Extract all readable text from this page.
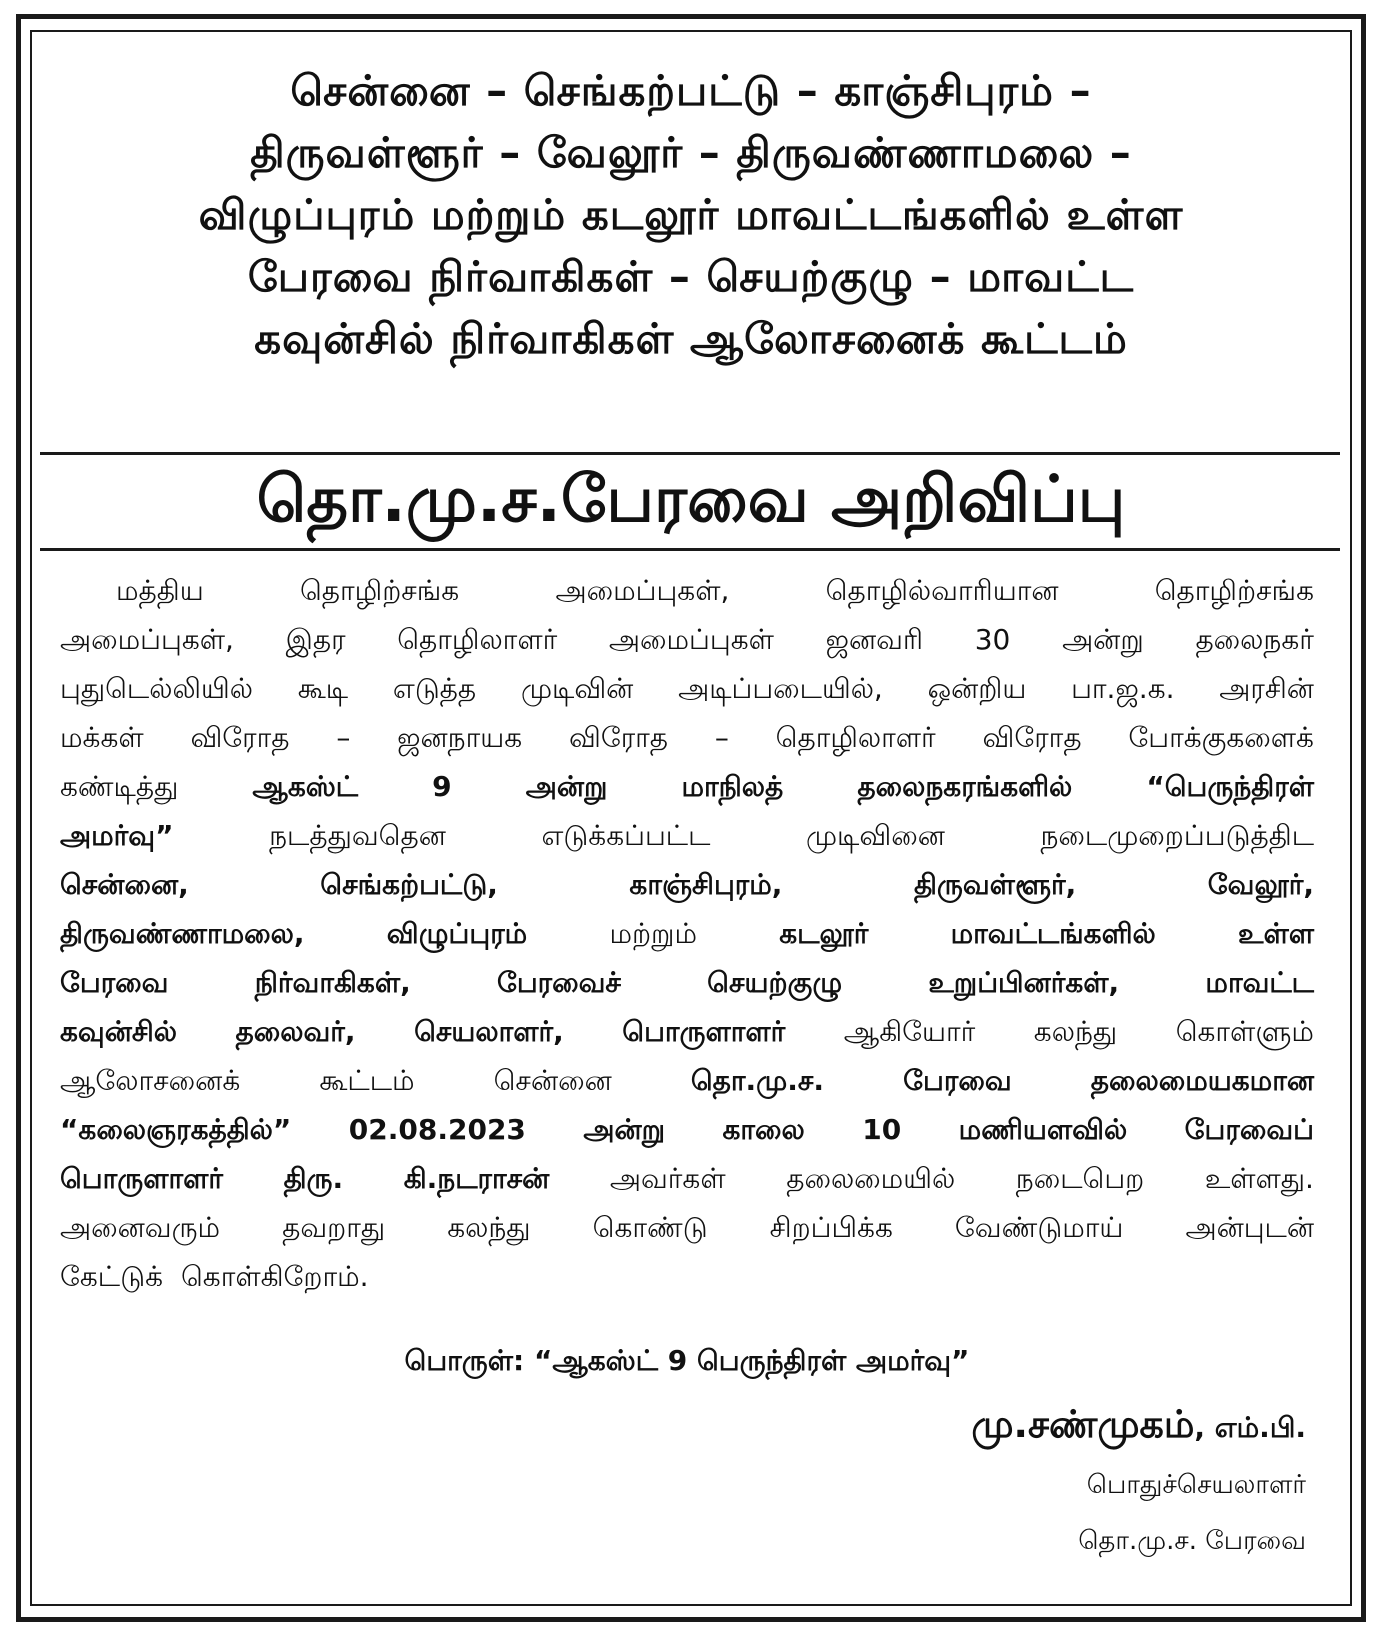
சென்னை – செங்கற்பட்டு – காஞ்சிபுரம் –
திருவள்ளூர் – வேலூர் – திருவண்ணாமலை –
விழுப்புரம் மற்றும் கடலூர் மாவட்டங்களில் உள்ள
பேரவை நிர்வாகிகள் – செயற்குழு – மாவட்ட
கவுன்சில் நிர்வாகிகள் ஆலோசனைக் கூட்டம்
தொ.மு.ச.பேரவை அறிவிப்பு
மத்திய	தொழிற்சங்க	அமைப்புகள்,	தொழில்வாரியான	தொழிற்சங்க
அமைப்புகள், இதர தொழிலாளர் அமைப்புகள் ஜனவரி 30 அன்று தலைநகர்
புதுடெல்லியில் கூடி எடுத்த முடிவின் அடிப்படையில், ஒன்றிய பா.ஜ.க. அரசின்
மக்கள் விரோத – ஜனநாயக விரோத – தொழிலாளர் விரோத போக்குகளைக்
கண்டித்து	ஆகஸ்ட்	9	அன்று	மாநிலத்	தலைநகரங்களில்	“பெருந்திரள்
அமர்வு”	நடத்துவதென	எடுக்கப்பட்ட	முடிவினை	நடைமுறைப்படுத்திட
சென்னை,	செங்கற்பட்டு,	காஞ்சிபுரம்,	திருவள்ளூர்,	வேலூர்,
திருவண்ணாமலை,	விழுப்புரம்	மற்றும்	கடலூர்	மாவட்டங்களில்	உள்ள
பேரவை	நிர்வாகிகள்,	பேரவைச்	செயற்குழு	உறுப்பினர்கள்,	மாவட்ட
கவுன்சில் தலைவர், செயலாளர், பொருளாளர் ஆகியோர் கலந்து கொள்ளும்
ஆலோசனைக்	கூட்டம்	சென்னை	தொ.மு.ச.	பேரவை	தலைமையகமான
“கலைஞரகத்தில்” 02.08.2023 அன்று காலை 10 மணியளவில் பேரவைப்
பொருளாளர் திரு. கி.நடராசன் அவர்கள் தலைமையில் நடைபெற உள்ளது.
அனைவரும் தவறாது கலந்து கொண்டு சிறப்பிக்க வேண்டுமாய் அன்புடன்
கேட்டுக் கொள்கிறோம்.
பொருள்: “ஆகஸ்ட் 9 பெருந்திரள் அமர்வு”
மு.சண்முகம், எம்.பி.
பொதுச்செயலாளர்
தொ.மு.ச. பேரவை
